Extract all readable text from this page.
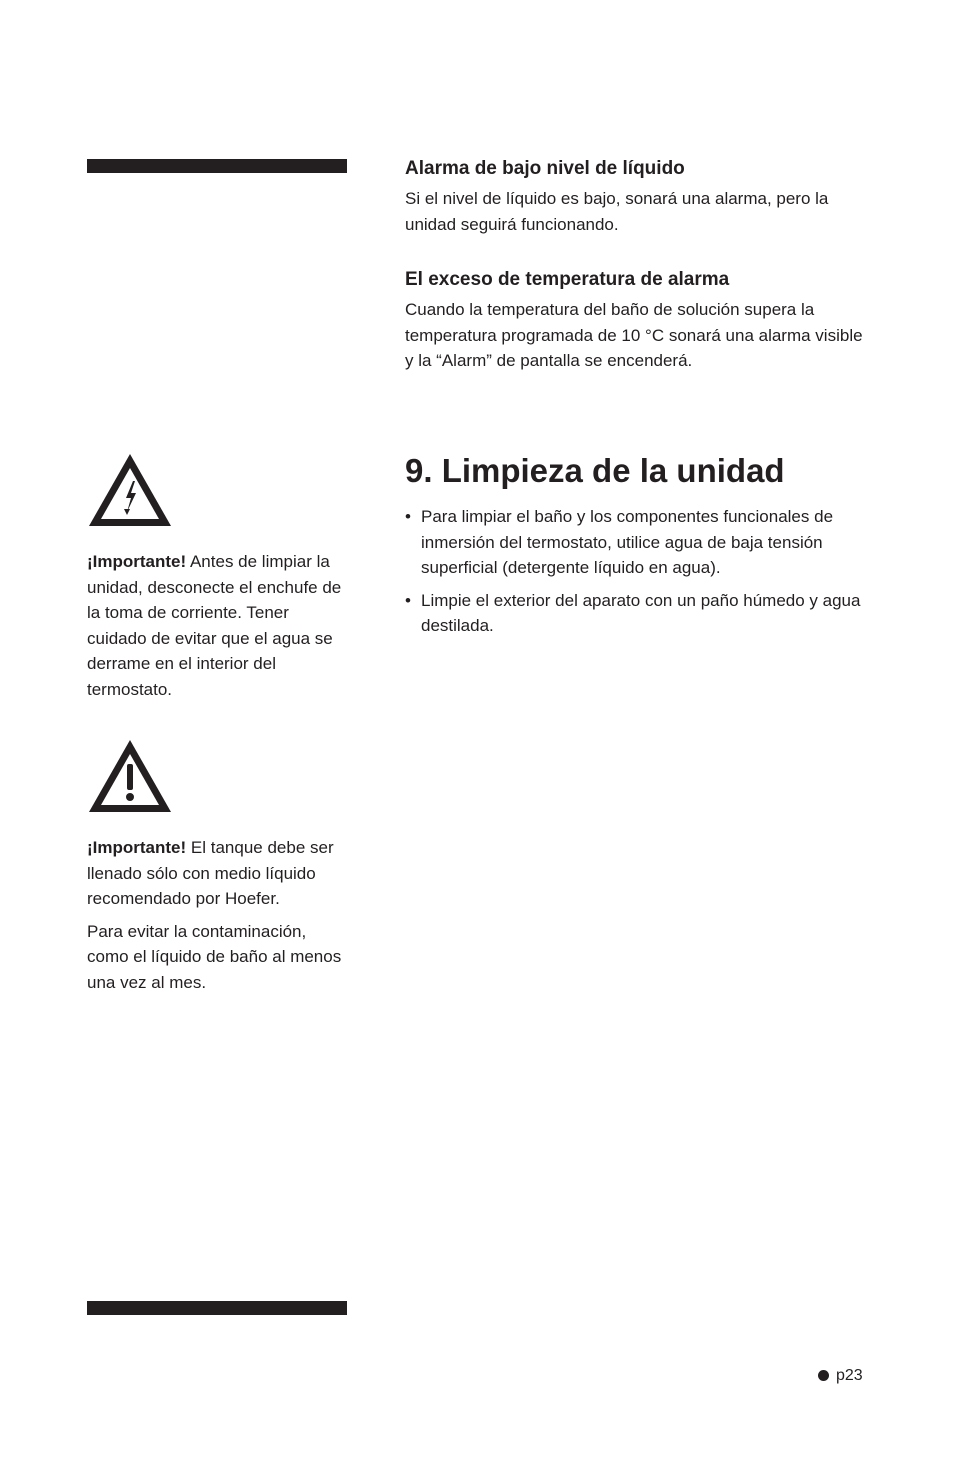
Alarma de bajo nivel de líquido

Si el nivel de líquido es bajo, sonará una alarma, pero la unidad seguirá funcionando.

El exceso de temperatura de alarma

Cuando la temperatura del baño de solución supera la temperatura programada de 10 °C sonará una alarma visible y la “Alarm” de pantalla se encenderá.

9. Limpieza de la unidad
• Para limpiar el baño y los componentes funcionales de inmersión del termostato, utilice agua de baja tensión superficial (detergente líquido en agua).
• Limpie el exterior del aparato con un paño húmedo y agua destilada.

¡Importante! Antes de limpiar la unidad, desconecte el enchufe de la toma de corriente. Tener cuidado de evitar que el agua se derrame en el interior del termostato.

¡Importante! El tanque debe ser llenado sólo con medio líquido recomendado por Hoefer.

Para evitar la contaminación, como el líquido de baño al menos una vez al mes.

p23
